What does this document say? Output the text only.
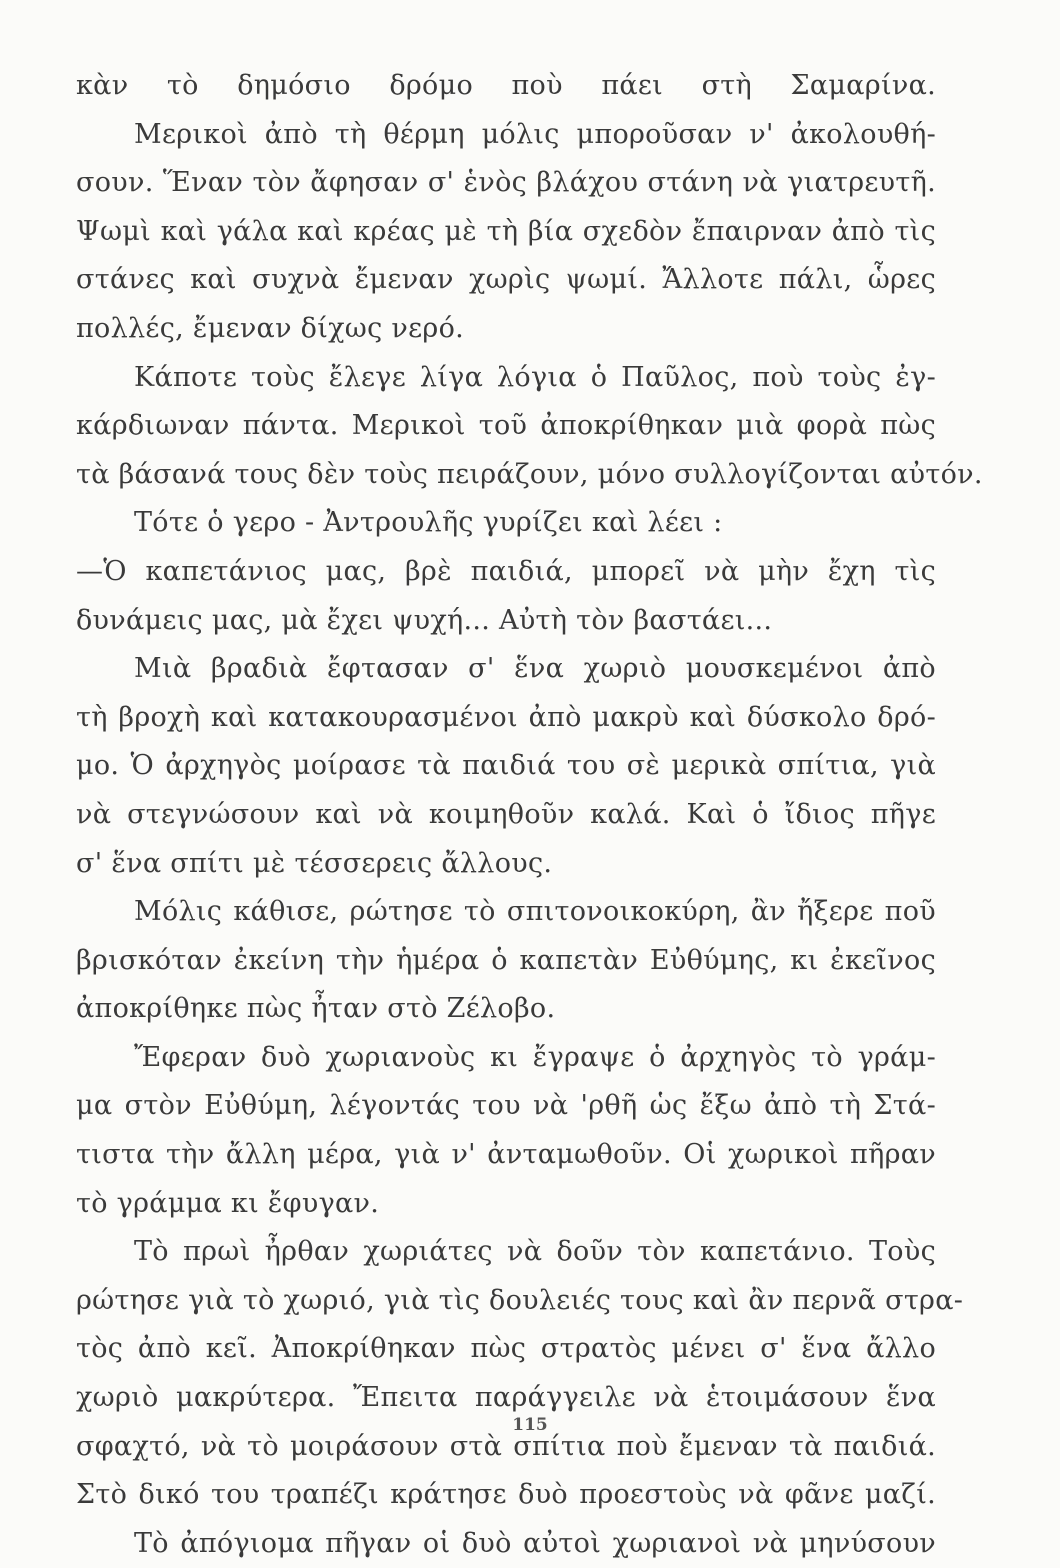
κὰν τὸ δημόσιο δρόμο ποὺ πάει στὴ Σαμαρίνα.
Μερικοὶ ἀπὸ τὴ θέρμη μόλις μποροῦσαν ν' ἀκολουθή-
σουν. Ἕναν τὸν ἄφησαν σ' ἑνὸς βλάχου στάνη νὰ γιατρευτῆ.
Ψωμὶ καὶ γάλα καὶ κρέας μὲ τὴ βία σχεδὸν ἔπαιρναν ἀπὸ τὶς
στάνες καὶ συχνὰ ἔμεναν χωρὶς ψωμί. Ἄλλοτε πάλι, ὧρες
πολλές, ἔμεναν δίχως νερό.
Κάποτε τοὺς ἔλεγε λίγα λόγια ὁ Παῦλος, ποὺ τοὺς ἐγ-
κάρδιωναν πάντα. Μερικοὶ τοῦ ἀποκρίθηκαν μιὰ φορὰ πὼς
τὰ βάσανά τους δὲν τοὺς πειράζουν, μόνο συλλογίζονται αὐτόν.
Τότε ὁ γερο - Ἀντρουλῆς γυρίζει καὶ λέει :
—Ὁ καπετάνιος μας, βρὲ παιδιά, μπορεῖ νὰ μὴν ἔχη τὶς
δυνάμεις μας, μὰ ἔχει ψυχή... Αὐτὴ τὸν βαστάει...
Μιὰ βραδιὰ ἔφτασαν σ' ἕνα χωριὸ μουσκεμένοι ἀπὸ
τὴ βροχὴ καὶ κατακουρασμένοι ἀπὸ μακρὺ καὶ δύσκολο δρό-
μο. Ὁ ἀρχηγὸς μοίρασε τὰ παιδιά του σὲ μερικὰ σπίτια, γιὰ
νὰ στεγνώσουν καὶ νὰ κοιμηθοῦν καλά. Καὶ ὁ ἴδιος πῆγε
σ' ἕνα σπίτι μὲ τέσσερεις ἄλλους.
Μόλις κάθισε, ρώτησε τὸ σπιτονοικοκύρη, ἂν ἤξερε ποῦ
βρισκόταν ἐκείνη τὴν ἡμέρα ὁ καπετὰν Εὐθύμης, κι ἐκεῖνος
ἀποκρίθηκε πὼς ἦταν στὸ Ζέλοβο.
Ἔφεραν δυὸ χωριανοὺς κι ἔγραψε ὁ ἀρχηγὸς τὸ γράμ-
μα στὸν Εὐθύμη, λέγοντάς του νὰ 'ρθῆ ὡς ἔξω ἀπὸ τὴ Στά-
τιστα τὴν ἄλλη μέρα, γιὰ ν' ἀνταμωθοῦν. Οἱ χωρικοὶ πῆραν
τὸ γράμμα κι ἔφυγαν.
Τὸ πρωὶ ἦρθαν χωριάτες νὰ δοῦν τὸν καπετάνιο. Τοὺς
ρώτησε γιὰ τὸ χωριό, γιὰ τὶς δουλειές τους καὶ ἂν περνᾶ στρα-
τὸς ἀπὸ κεῖ. Ἀποκρίθηκαν πὼς στρατὸς μένει σ' ἕνα ἄλλο
χωριὸ μακρύτερα. Ἔπειτα παράγγειλε νὰ ἑτοιμάσουν ἕνα
σφαχτό, νὰ τὸ μοιράσουν στὰ σπίτια ποὺ ἔμεναν τὰ παιδιά.
Στὸ δικό του τραπέζι κράτησε δυὸ προεστοὺς νὰ φᾶνε μαζί.
Τὸ ἀπόγιομα πῆγαν οἱ δυὸ αὐτοὶ χωριανοὶ νὰ μηνύσουν
115
